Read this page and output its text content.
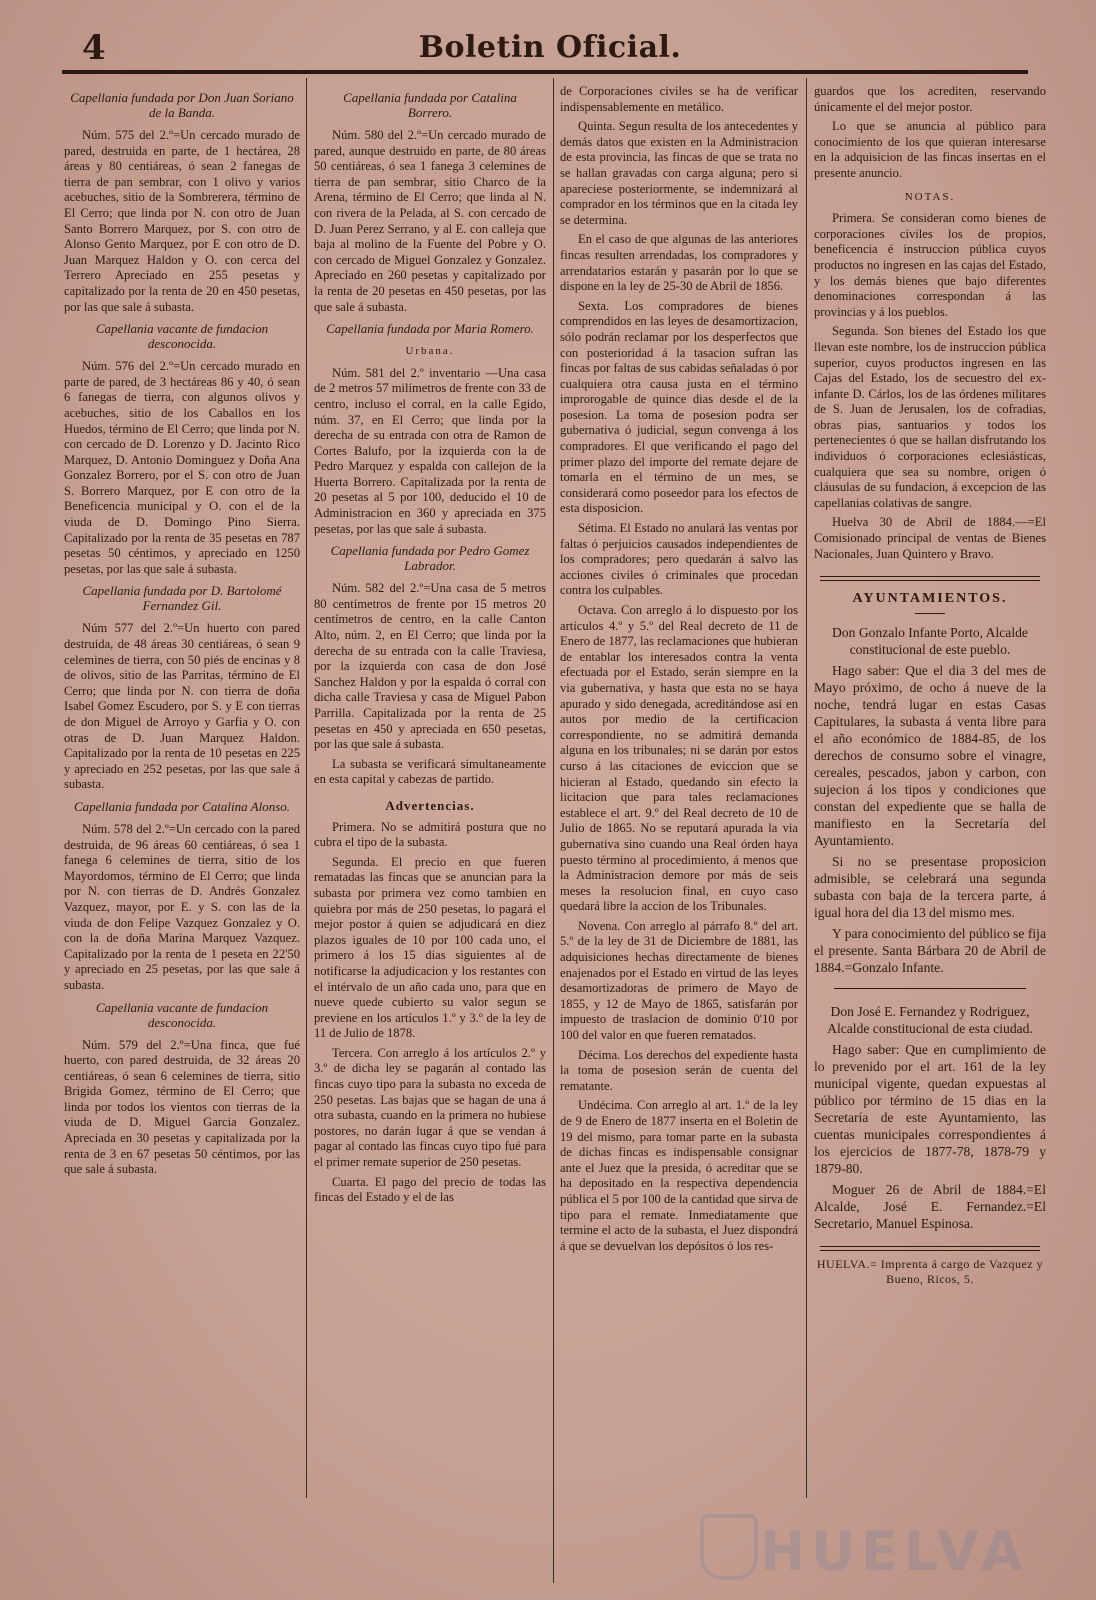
4	Boletin Oficial.
Capellania fundada por Don Juan Soriano de la Banda.

Núm. 575 del 2.º=Un cercado murado de pared, destruida en parte, de 1 hectárea, 28 áreas y 80 centiáreas, ó sean 2 fanegas de tierra de pan sembrar, con 1 olivo y varios acebuches, sitio de la Sombrerera, término de El Cerro; que linda por N. con otro de Juan Santo Borrero Marquez, por S. con otro de Alonso Gento Marquez, por E con otro de D. Juan Marquez Haldon y O. con cerca del Terrero Apreciado en 255 pesetas y capitalizado por la renta de 20 en 450 pesetas, por las que sale á subasta.

Capellania vacante de fundacion desconocida.

Núm. 576 del 2.º=Un cercado murado en parte de pared, de 3 hectáreas 86 y 40, ó sean 6 fanegas de tierra, con algunos olivos y acebuches, sitio de los Caballos en los Huedos, término de El Cerro; que linda por N. con cercado de D. Lorenzo y D. Jacinto Rico Marquez, D. Antonio Dominguez y Doña Ana Gonzalez Borrero, por el S. con otro de Juan S. Borrero Marquez, por E con otro de la Beneficencia municipal y O. con el de la viuda de D. Domingo Pino Sierra. Capitalizado por la renta de 35 pesetas en 787 pesetas 50 céntimos, y apreciado en 1250 pesetas, por las que sale á subasta.

Capellania fundada por D. Bartolomé Fernandez Gil.

Núm 577 del 2.º=Un huerto con pared destruida, de 48 áreas 30 centiáreas, ó sean 9 celemines de tierra, con 50 piés de encinas y 8 de olivos, sitio de las Parritas, término de El Cerro; que linda por N. con tierra de doña Isabel Gomez Escudero, por S. y E con tierras de don Miguel de Arroyo y Garfia y O. con otras de D. Juan Marquez Haldon. Capitalizado por la renta de 10 pesetas en 225 y apreciado en 252 pesetas, por las que sale á subasta.

Capellania fundada por Catalina Alonso.

Núm. 578 del 2.º=Un cercado con la pared destruida, de 96 áreas 60 centiáreas, ó sea 1 fanega 6 celemines de tierra, sitio de los Mayordomos, término de El Cerro; que linda por N. con tierras de D. Andrés Gonzalez Vazquez, mayor, por E. y S. con las de la viuda de don Felipe Vazquez Gonzalez y O. con la de doña Marina Marquez Vazquez. Capitalizado por la renta de 1 peseta en 22'50 y apreciado en 25 pesetas, por las que sale á subasta.

Capellania vacante de fundacion desconocida.

Núm. 579 del 2.º=Una finca, que fué huerto, con pared destruida, de 32 áreas 20 centiáreas, ó sean 6 celemines de tierra, sitio Brigida Gomez, término de El Cerro; que linda por todos los vientos con tierras de la viuda de D. Miguel Garcia Gonzalez. Apreciada en 30 pesetas y capitalizada por la renta de 3 en 67 pesetas 50 céntimos, por las que sale á subasta.

Capellania fundada por Catalina Borrero.

Núm. 580 del 2.º=Un cercado murado de pared, aunque destruido en parte, de 80 áreas 50 centiáreas, ó sea 1 fanega 3 celemines de tierra de pan sembrar, sitio Charco de la Arena, término de El Cerro; que linda al N. con rivera de la Pelada, al S. con cercado de D. Juan Perez Serrano, y al E. con calleja que baja al molino de la Fuente del Pobre y O. con cercado de Miguel Gonzalez y Gonzalez. Apreciado en 260 pesetas y capitalizado por la renta de 20 pesetas en 450 pesetas, por las que sale á subasta.

Capellania fundada por Maria Romero.
Urbana.

Núm. 581 del 2.º inventario —Una casa de 2 metros 57 milímetros de frente con 33 de centro, incluso el corral, en la calle Egido, núm. 37, en El Cerro; que linda por la derecha de su entrada con otra de Ramon de Cortes Balufo, por la izquierda con la de Pedro Marquez y espalda con callejon de la Huerta Borrero. Capitalizada por la renta de 20 pesetas al 5 por 100, deducido el 10 de Administracion en 360 y apreciada en 375 pesetas, por las que sale á subasta.

Capellania fundada por Pedro Gomez Labrador.

Núm. 582 del 2.º=Una casa de 5 metros 80 centímetros de frente por 15 metros 20 centímetros de centro, en la calle Canton Alto, núm. 2, en El Cerro; que linda por la derecha de su entrada con la calle Traviesa, por la izquierda con casa de don José Sanchez Haldon y por la espalda ó corral con dicha calle Traviesa y casa de Miguel Pabon Parrilla. Capitalizada por la renta de 25 pesetas en 450 y apreciada en 650 pesetas, por las que sale á subasta.

La subasta se verificará simultaneamente en esta capital y cabezas de partido.

Advertencias.

Primera. No se admitirá postura que no cubra el tipo de la subasta.

Segunda. El precio en que fueren rematadas las fincas que se anuncian para la subasta por primera vez como tambien en quiebra por más de 250 pesetas, lo pagará el mejor postor á quien se adjudicará en diez plazos iguales de 10 por 100 cada uno, el primero á los 15 dias siguientes al de notificarse la adjudicacion y los restantes con el intérvalo de un año cada uno, para que en nueve quede cubierto su valor segun se previene en los artículos 1.º y 3.º de la ley de 11 de Julio de 1878.

Tercera. Con arreglo á los artículos 2.º y 3.º de dicha ley se pagarán al contado las fincas cuyo tipo para la subasta no exceda de 250 pesetas. Las bajas que se hagan de una á otra subasta, cuando en la primera no hubiese postores, no darán lugar á que se vendan á pagar al contado las fincas cuyo tipo fué para el primer remate superior de 250 pesetas.

Cuarta. El pago del precio de todas las fincas del Estado y el de las

de Corporaciones civiles se ha de verificar indispensablemente en metálico.

Quinta. Segun resulta de los antecedentes y demás datos que existen en la Administracion de esta provincia, las fincas de que se trata no se hallan gravadas con carga alguna; pero si apareciese posteriormente, se indemnizará al comprador en los términos que en la citada ley se determina.

En el caso de que algunas de las anteriores fincas resulten arrendadas, los compradores y arrendatarios estarán y pasarán por lo que se dispone en la ley de 25-30 de Abril de 1856.

Sexta. Los compradores de bienes comprendidos en las leyes de desamortizacion, sólo podrán reclamar por los desperfectos que con posterioridad á la tasacion sufran las fincas por faltas de sus cabidas señaladas ó por cualquiera otra causa justa en el término improrogable de quince dias desde el de la posesion. La toma de posesion podra ser gubernativa ó judicial, segun convenga á los compradores. El que verificando el pago del primer plazo del importe del remate dejare de tomarla en el término de un mes, se considerará como poseedor para los efectos de esta disposicion.

Sétima. El Estado no anulará las ventas por faltas ó perjuicios causados independientes de los compradores; pero quedarán á salvo las acciones civiles ó criminales que procedan contra los culpables.

Octava. Con arreglo á lo dispuesto por los artículos 4.º y 5.º del Real decreto de 11 de Enero de 1877, las reclamaciones que hubieran de entablar los interesados contra la venta efectuada por el Estado, serán siempre en la via gubernativa, y hasta que esta no se haya apurado y sido denegada, acreditándose así en autos por medio de la certificacion correspondiente, no se admitirá demanda alguna en los tribunales; ni se darán por estos curso á las citaciones de eviccion que se hicieran al Estado, quedando sin efecto la licitacion que para tales reclamaciones establece el art. 9.º del Real decreto de 10 de Julio de 1865. No se reputará apurada la via gubernativa sino cuando una Real órden haya puesto término al procedimiento, á menos que la Administracion demore por más de seis meses la resolucion final, en cuyo caso quedará libre la accion de los Tribunales.

Novena. Con arreglo al párrafo 8.º del art. 5.º de la ley de 31 de Diciembre de 1881, las adquisiciones hechas directamente de bienes enajenados por el Estado en virtud de las leyes desamortizadoras de primero de Mayo de 1855, y 12 de Mayo de 1865, satisfarán por impuesto de traslacion de dominio 0'10 por 100 del valor en que fueren rematados.

Décima. Los derechos del expediente hasta la toma de posesion serán de cuenta del rematante.

Undécima. Con arreglo al art. 1.º de la ley de 9 de Enero de 1877 inserta en el Boletin de 19 del mismo, para tomar parte en la subasta de dichas fincas es indispensable consignar ante el Juez que la presida, ó acreditar que se ha depositado en la respectiva dependencia pública el 5 por 100 de la cantidad que sirva de tipo para el remate. Inmediatamente que termine el acto de la subasta, el Juez dispondrá á que se devuelvan los depósitos ó los res-

guardos que los acrediten, reservando únicamente el del mejor postor.

Lo que se anuncia al público para conocimiento de los que quieran interesarse en la adquisicion de las fincas insertas en el presente anuncio.

NOTAS.

Primera. Se consideran como bienes de corporaciones civiles los de propios, beneficencia é instruccion pública cuyos productos no ingresen en las cajas del Estado, y los demás bienes que bajo diferentes denominaciones correspondan á las provincias y á los pueblos.

Segunda. Son bienes del Estado los que llevan este nombre, los de instruccion pública superior, cuyos productos ingresen en las Cajas del Estado, los de secuestro del ex-infante D. Cárlos, los de las órdenes militares de S. Juan de Jerusalen, los de cofradias, obras pias, santuarios y todos los pertenecientes ó que se hallan disfrutando los individuos ó corporaciones eclesiásticas, cualquiera que sea su nombre, origen ó cláusulas de su fundacion, á excepcion de las capellanias colativas de sangre.

Huelva 30 de Abril de 1884.—=El Comisionado principal de ventas de Bienes Nacionales, Juan Quintero y Bravo.

AYUNTAMIENTOS.

Don Gonzalo Infante Porto, Alcalde constitucional de este pueblo.

Hago saber: Que el dia 3 del mes de Mayo próximo, de ocho á nueve de la noche, tendrá lugar en estas Casas Capitulares, la subasta á venta libre para el año económico de 1884-85, de los derechos de consumo sobre el vinagre, cereales, pescados, jabon y carbon, con sujecion á los tipos y condiciones que constan del expediente que se halla de manifiesto en la Secretaría del Ayuntamiento.

Si no se presentase proposicion admisible, se celebrará una segunda subasta con baja de la tercera parte, á igual hora del dia 13 del mismo mes.

Y para conocimiento del público se fija el presente. Santa Bárbara 20 de Abril de 1884.=Gonzalo Infante.

Don José E. Fernandez y Rodriguez, Alcalde constitucional de esta ciudad.

Hago saber: Que en cumplimiento de lo prevenido por el art. 161 de la ley municipal vigente, quedan expuestas al público por término de 15 dias en la Secretaría de este Ayuntamiento, las cuentas municipales correspondientes á los ejercicios de 1877-78, 1878-79 y 1879-80.

Moguer 26 de Abril de 1884.=El Alcalde, José E. Fernandez.=El Secretario, Manuel Espinosa.

HUELVA.= Imprenta á cargo de Vazquez y Bueno, Ricos, 5.

HUELVA
